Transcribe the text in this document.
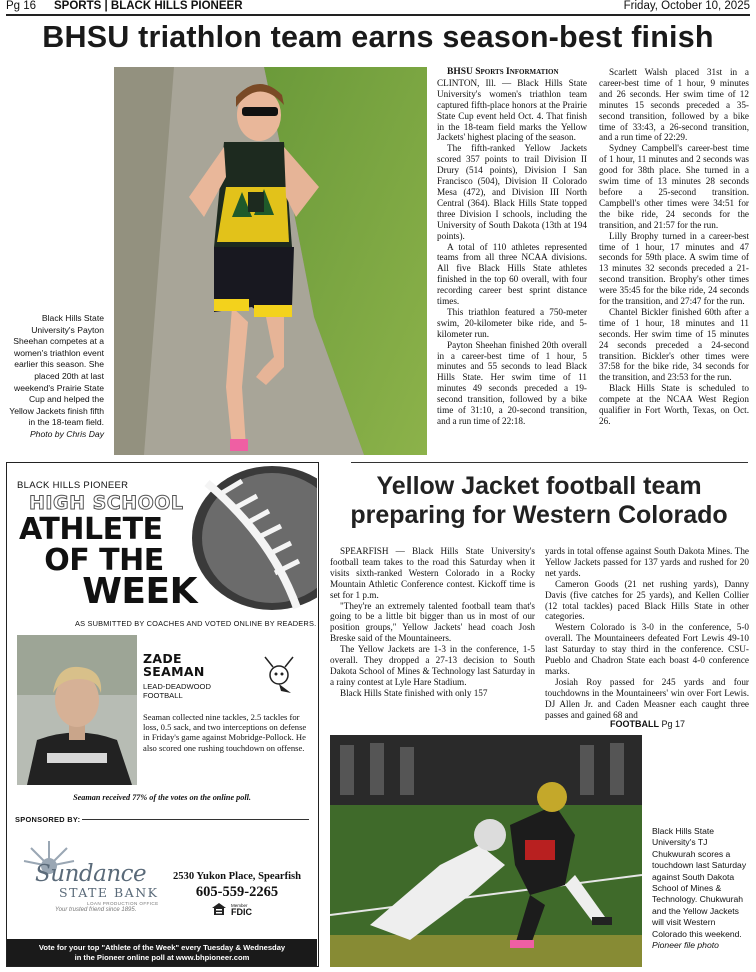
Pg 16 SPORTS | BLACK HILLS PIONEER	Friday, October 10, 2025
BHSU triathlon team earns season-best finish
Black Hills State University's Payton Sheehan competes at a women's triathlon event earlier this season. She placed 20th at last weekend's Prairie State Cup and helped the Yellow Jackets finish fifth in the 18-team field.
Photo by Chris Day

BHSU Sports Information

CLINTON, Ill. — Black Hills State University's women's triathlon team captured fifth-place honors at the Prairie State Cup event held Oct. 4. That finish in the 18-team field marks the Yellow Jackets' highest placing of the season.

The fifth-ranked Yellow Jackets scored 357 points to trail Division II Drury (514 points), Division I San Francisco (504), Division II Colorado Mesa (472), and Division III North Central (364). Black Hills State topped three Division I schools, including the University of South Dakota (13th at 194 points).

A total of 110 athletes represented teams from all three NCAA divisions. All five Black Hills State athletes finished in the top 60 overall, with four recording career best sprint distance times.

This triathlon featured a 750-meter swim, 20-kilometer bike ride, and 5-kilometer run.

Payton Sheehan finished 20th overall in a career-best time of 1 hour, 5 minutes and 55 seconds to lead Black Hills State. Her swim time of 11 minutes 49 seconds preceded a 19-second transition, followed by a bike time of 31:10, a 20-second transition, and a run time of 22:18.

Scarlett Walsh placed 31st in a career-best time of 1 hour, 9 minutes and 26 seconds. Her swim time of 12 minutes 15 seconds preceded a 35-second transition, followed by a bike time of 33:43, a 26-second transition, and a run time of 22:29.

Sydney Campbell's career-best time of 1 hour, 11 minutes and 2 seconds was good for 38th place. She turned in a swim time of 13 minutes 28 seconds before a 25-second transition. Campbell's other times were 34:51 for the bike ride, 24 seconds for the transition, and 21:57 for the run.

Lilly Brophy turned in a career-best time of 1 hour, 17 minutes and 47 seconds for 59th place. A swim time of 13 minutes 32 seconds preceded a 21-second transition. Brophy's other times were 35:45 for the bike ride, 24 seconds for the transition, and 27:47 for the run.

Chantel Bickler finished 60th after a time of 1 hour, 18 minutes and 11 seconds. Her swim time of 15 minutes 24 seconds preceded a 24-second transition. Bickler's other times were 37:58 for the bike ride, 34 seconds for the transition, and 23:53 for the run.

Black Hills State is scheduled to compete at the NCAA West Region qualifier in Fort Worth, Texas, on Oct. 26.

BLACK HILLS PIONEER
HIGH SCHOOL
ATHLETE
OF THE
WEEK
AS SUBMITTED BY COACHES AND VOTED ONLINE BY READERS.
ZADE
SEAMAN
LEAD-DEADWOOD
FOOTBALL
Seaman collected nine tackles, 2.5 tackles for loss, 0.5 sack, and two interceptions on defense in Friday's game against Mobridge-Pollock. He also scored one rushing touchdown on offense.
Seaman received 77% of the votes on the online poll.
SPONSORED BY:
Sundance
STATE BANK
LOAN PRODUCTION OFFICE
Your trusted friend since 1895.
2530 Yukon Place, Spearfish
605-559-2265
Member
FDIC
Vote for your top "Athlete of the Week" every Tuesday & Wednesday
in the Pioneer online poll at www.bhpioneer.com
Yellow Jacket football team
preparing for Western Colorado

SPEARFISH — Black Hills State University's football team takes to the road this Saturday when it visits sixth-ranked Western Colorado in a Rocky Mountain Athletic Conference contest. Kickoff time is set for 1 p.m.

"They're an extremely talented football team that's going to be a little bit bigger than us in most of our position groups," Yellow Jackets' head coach Josh Breske said of the Mountaineers.

The Yellow Jackets are 1-3 in the conference, 1-5 overall. They dropped a 27-13 decision to South Dakota School of Mines & Technology last Saturday in a rainy contest at Lyle Hare Stadium.

Black Hills State finished with only 157

yards in total offense against South Dakota Mines. The Yellow Jackets passed for 137 yards and rushed for 20 net yards.

Cameron Goods (21 net rushing yards), Danny Davis (five catches for 25 yards), and Kellen Collier (12 total tackles) paced Black Hills State in other categories.

Western Colorado is 3-0 in the conference, 5-0 overall. The Mountaineers defeated Fort Lewis 49-10 last Saturday to stay third in the conference. CSU-Pueblo and Chadron State each boast 4-0 conference marks.

Josiah Roy passed for 245 yards and four touchdowns in the Mountaineers' win over Fort Lewis. DJ Allen Jr. and Caden Measner each caught three passes and gained 68 and

FOOTBALL Pg 17
Black Hills State University's TJ Chukwurah scores a touchdown last Saturday against South Dakota School of Mines & Technology. Chukwurah and the Yellow Jackets will visit Western Colorado this weekend.
Pioneer file photo
